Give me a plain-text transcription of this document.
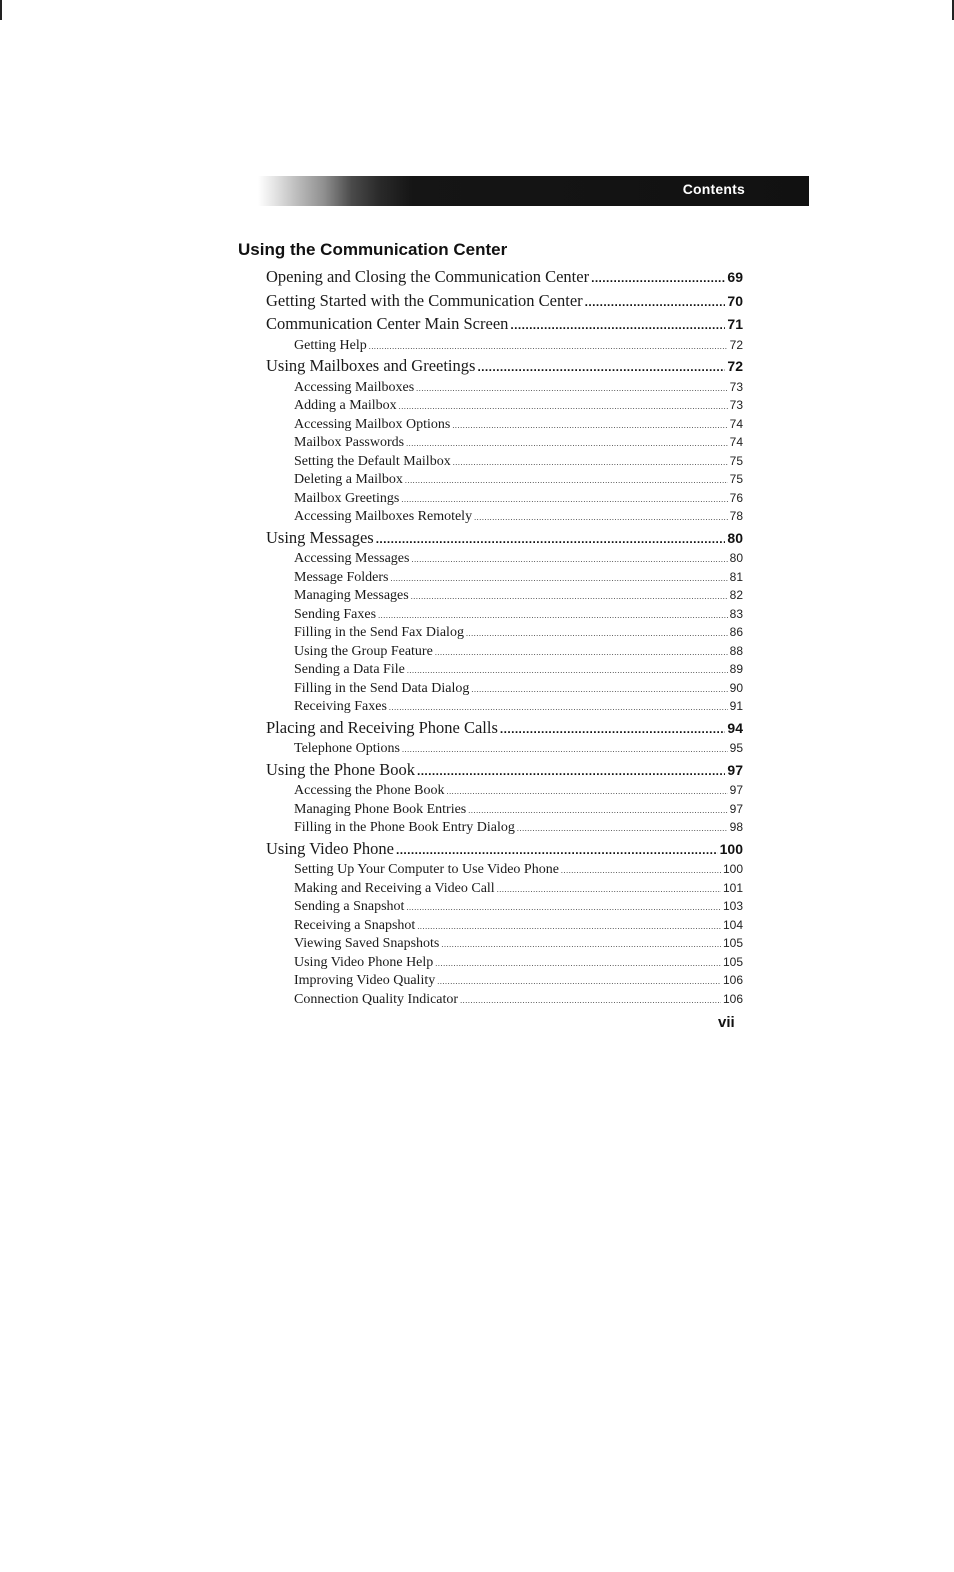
Contents
Using the Communication Center
Opening and Closing the Communication Center .....	69
Getting Started with the Communication Center .....	70
Communication Center Main Screen .....	71
Getting Help .....	72
Using Mailboxes and Greetings .....	72
Accessing Mailboxes .....	73
Adding a Mailbox .....	73
Accessing Mailbox Options .....	74
Mailbox Passwords .....	74
Setting the Default Mailbox .....	75
Deleting a Mailbox .....	75
Mailbox Greetings .....	76
Accessing Mailboxes Remotely .....	78
Using Messages .....	80
Accessing Messages .....	80
Message Folders .....	81
Managing Messages .....	82
Sending Faxes .....	83
Filling in the Send Fax Dialog .....	86
Using the Group Feature .....	88
Sending a Data File .....	89
Filling in the Send Data Dialog .....	90
Receiving Faxes .....	91
Placing and Receiving Phone Calls .....	94
Telephone Options .....	95
Using the Phone Book .....	97
Accessing the Phone Book .....	97
Managing Phone Book Entries .....	97
Filling in the Phone Book Entry Dialog .....	98
Using Video Phone .....	100
Setting Up Your Computer to Use Video Phone .....	100
Making and Receiving a Video Call .....	101
Sending a Snapshot .....	103
Receiving a Snapshot .....	104
Viewing Saved Snapshots .....	105
Using Video Phone Help .....	105
Improving Video Quality .....	106
Connection Quality Indicator .....	106
vii
